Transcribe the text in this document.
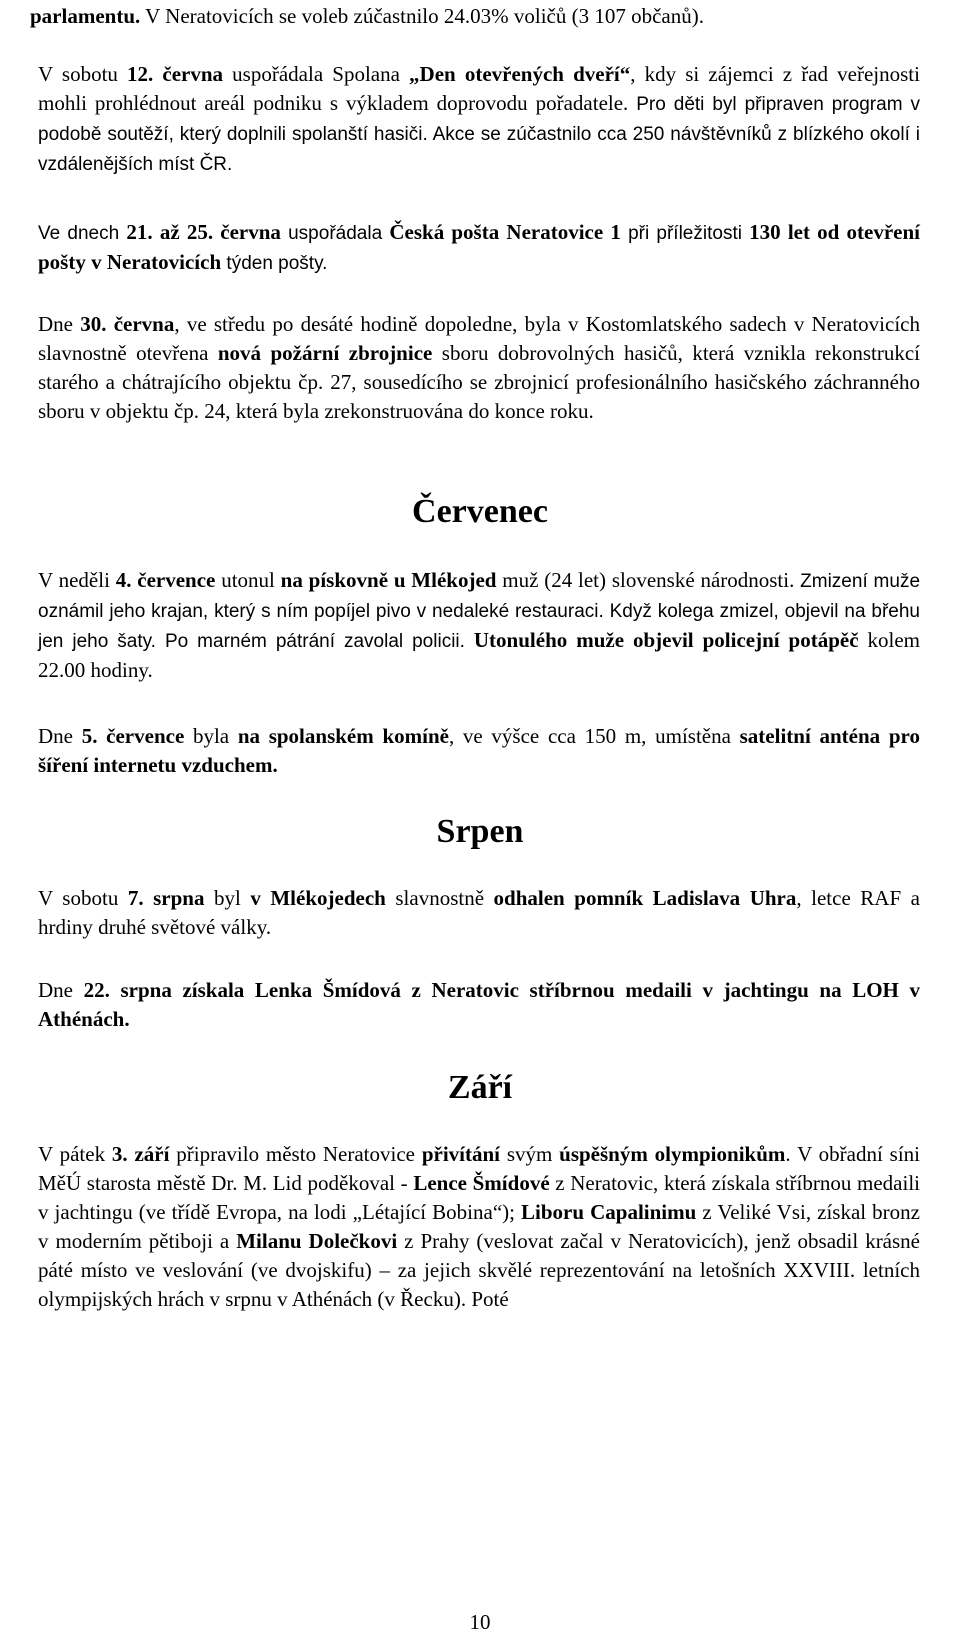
parlamentu. V Neratovicích se voleb zúčastnilo 24.03% voličů (3 107 občanů).

V sobotu 12. června uspořádala Spolana „Den otevřených dveří“, kdy si zájemci z řad veřejnosti mohli prohlédnout areál podniku s výkladem doprovodu pořadatele. Pro děti byl připraven program v podobě soutěží, který doplnili spolanští hasiči. Akce se zúčastnilo cca 250 návštěvníků z blízkého okolí i vzdálenějších míst ČR.

Ve dnech 21. až 25. června uspořádala Česká pošta Neratovice 1 při příležitosti 130 let od otevření pošty v Neratovicích týden pošty.

Dne 30. června, ve středu po desáté hodině dopoledne, byla v Kostomlatského sadech v Neratovicích slavnostně otevřena nová požární zbrojnice sboru dobrovolných hasičů, která vznikla rekonstrukcí starého a chátrajícího objektu čp. 27, sousedícího se zbrojnicí profesionálního hasičského záchranného sboru v objektu čp. 24, která byla zrekonstruována do konce roku.

Červenec

V neděli 4. července utonul na pískovně u Mlékojed muž (24 let) slovenské národnosti. Zmizení muže oznámil jeho krajan, který s ním popíjel pivo v nedaleké restauraci. Když kolega zmizel, objevil na břehu jen jeho šaty. Po marném pátrání zavolal policii. Utonulého muže objevil policejní potápěč kolem 22.00 hodiny.

Dne 5. července byla na spolanském komíně, ve výšce cca 150 m, umístěna satelitní anténa pro šíření internetu vzduchem.

Srpen

V sobotu 7. srpna byl v Mlékojedech slavnostně odhalen pomník Ladislava Uhra, letce RAF a hrdiny druhé světové války.

Dne 22. srpna získala Lenka Šmídová z Neratovic stříbrnou medaili v jachtingu na LOH v Athénách.

Září

V pátek 3. září připravilo město Neratovice přivítání svým úspěšným olympionikům. V obřadní síni MěÚ starosta městě Dr. M. Lid poděkoval - Lence Šmídové z Neratovic, která získala stříbrnou medaili v jachtingu (ve třídě Evropa, na lodi „Létající Bobina“); Liboru Capalinimu z Veliké Vsi, získal bronz v moderním pětiboji a Milanu Dolečkovi z Prahy (veslovat začal v Neratovicích), jenž obsadil krásné páté místo ve veslování (ve dvojskifu) – za jejich skvělé reprezentování na letošních XXVIII. letních olympijských hrách v srpnu v Athénách (v Řecku). Poté

10
